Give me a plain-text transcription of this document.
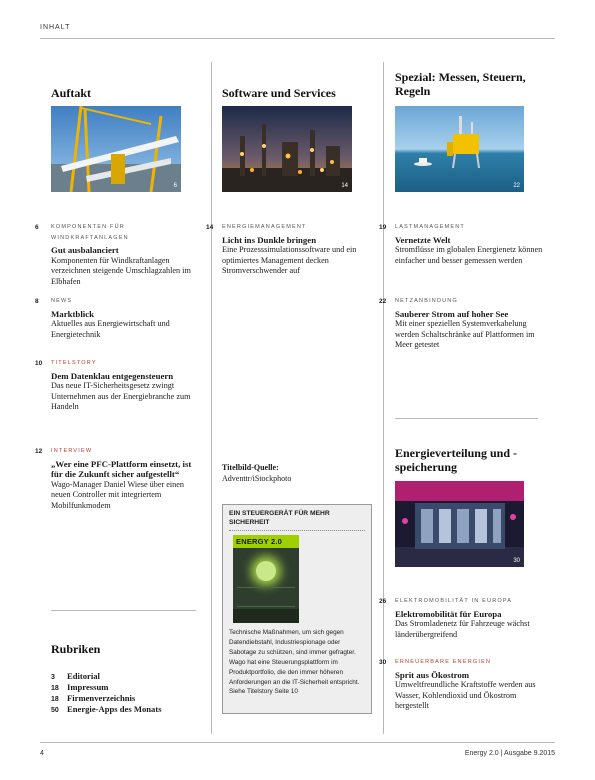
INHALT
Auftakt
6
Rubriken
Software und Services
14
Titelbild-Quelle:
Adventtr/iStockphoto
EIN STEUERGERÄT FÜR MEHR SICHERHEIT
ENERGY 2.0
Technische Maßnahmen, um sich gegen Datendiebstahl, Industriespionage oder Sabotage zu schützen, sind immer gefragter. Wago hat eine Steuerungsplattform im Produktportfolio, die den immer höheren Anforderungen an die IT-Sicherheit entspricht. Siehe Titelstory Seite 10
Spezial: Messen, Steuern, Regeln
22
Energieverteilung und -speicherung
30
4	Energy 2.0 | Ausgabe 9.2015
6 KOMPONENTEN FÜR WINDKRAFTANLAGEN
Gut ausbalanciert
Komponenten für Windkraftanlagen verzeichnen steigende Umschlagzahlen im Elbhafen
8 NEWS
Marktblick
Aktuelles aus Energiewirtschaft und Energietechnik
10 TITELSTORY
Dem Datenklau entgegensteuern
Das neue IT-Sicherheitsgesetz zwingt Unternehmen aus der Energiebranche zum Handeln
12 INTERVIEW
„Wer eine PFC-Plattform einsetzt, ist für die Zukunft sicher aufgestellt“
Wago-Manager Daniel Wiese über einen neuen Controller mit integriertem Mobilfunkmodem
14 ENERGIEMANAGEMENT
Licht ins Dunkle bringen
Eine Prozesssimulationssoftware und ein optimiertes Management decken Stromverschwender auf
19 LASTMANAGEMENT
Vernetzte Welt
Stromflüsse im globalen Energienetz können einfacher und besser gemessen werden
22 NETZANBINDUNG
Sauberer Strom auf hoher See
Mit einer speziellen Systemverkabelung werden Schaltschränke auf Plattformen im Meer getestet
26 ELEKTROMOBILITÄT IN EUROPA
Elektromobilität für Europa
Das Stromladenetz für Fahrzeuge wächst länderübergreifend
30 ERNEUERBARE ENERGIEN
Sprit aus Ökostrom
Umweltfreundliche Kraftstoffe werden aus Wasser, Kohlendioxid und Ökostrom hergestellt
3 Editorial
18 Impressum
18 Firmenverzeichnis
50 Energie-Apps des Monats
